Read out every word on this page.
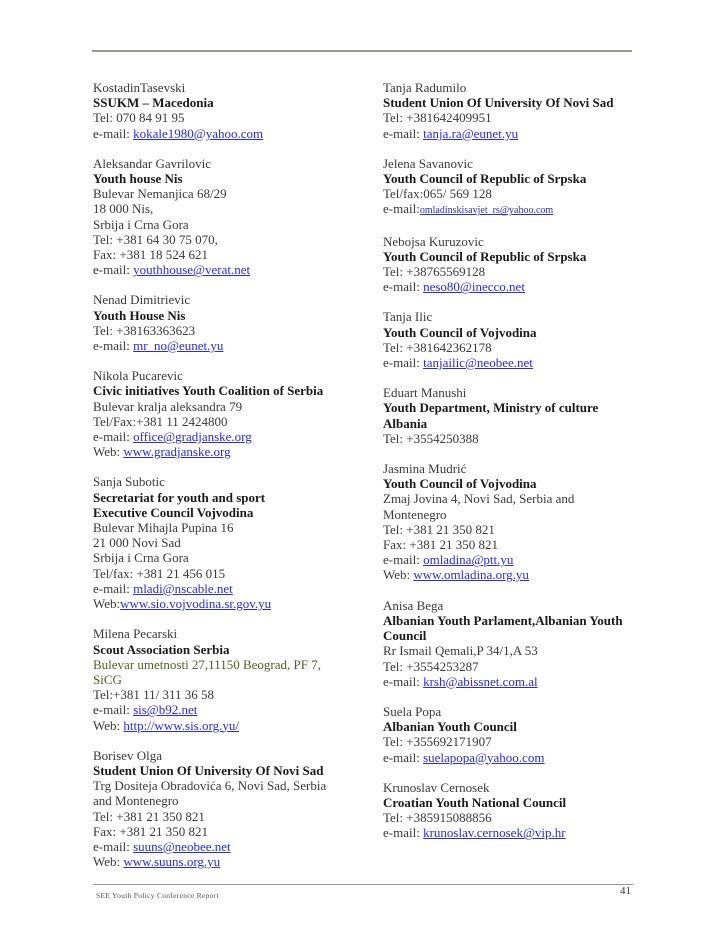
KostadinTasevski
SSUKM – Macedonia
Tel: 070 84 91 95
e-mail: kokale1980@yahoo.com
Aleksandar Gavrilovic
Youth house Nis
Bulevar Nemanjica 68/29
18 000 Nis,
Srbija i Crna Gora
Tel: +381 64 30 75 070,
Fax: +381 18 524 621
e-mail: youthhouse@verat.net
Nenad Dimitrievic
Youth House Nis
Tel: +38163363623
e-mail: mr_no@eunet.yu
Nikola Pucarevic
Civic initiatives Youth Coalition of Serbia
Bulevar kralja aleksandra 79
Tel/Fax:+381 11 2424800
e-mail: office@gradjanske.org
Web: www.gradjanske.org
Sanja Subotic
Secretariat for youth and sport
Executive Council Vojvodina
Bulevar Mihajla Pupina 16
21 000 Novi Sad
Srbija i Crna Gora
Tel/fax: +381 21 456 015
e-mail: mladi@nscable.net
Web:www.sio.vojvodina.sr.gov.yu
Milena Pecarski
Scout Association Serbia
Bulevar umetnosti 27,11150 Beograd, PF 7,
SiCG
Tel:+381 11/ 311 36 58
e-mail: sis@b92.net
Web: http://www.sis.org.yu/
Borisev Olga
Student Union Of University Of Novi Sad
Trg Dositeja Obradovića 6, Novi Sad, Serbia
and Montenegro
Tel: +381 21 350 821
Fax: +381 21 350 821
e-mail: suuns@neobee.net
Web: www.suuns.org.yu
Tanja Radumilo
Student Union Of University Of Novi Sad
Tel: +381642409951
e-mail: tanja.ra@eunet.yu
Jelena Savanovic
Youth Council of Republic of Srpska
Tel/fax:065/ 569 128
e-mail:omladinskisavjet_rs@yahoo.com
Nebojsa Kuruzovic
Youth Council of Republic of Srpska
Tel: +38765569128
e-mail: neso80@inecco.net
Tanja Ilic
Youth Council of Vojvodina
Tel: +381642362178
e-mail: tanjailic@neobee.net
Eduart Manushi
Youth Department, Ministry of culture
Albania
Tel: +3554250388
Jasmina Mudrić
Youth Council of Vojvodina
Zmaj Jovina 4, Novi Sad, Serbia and
Montenegro
Tel: +381 21 350 821
Fax: +381 21 350 821
e-mail: omladina@ptt.yu
Web: www.omladina.org.yu
Anisa Bega
Albanian Youth Parlament,Albanian Youth
Council
Rr Ismail Qemali,P 34/1,A 53
Tel: +3554253287
e-mail: krsh@abissnet.com.al
Suela Popa
Albanian Youth Council
Tel: +355692171907
e-mail: suelapopa@yahoo.com
Krunoslav Cernosek
Croatian Youth National Council
Tel: +385915088856
e-mail: krunoslav.cernosek@vip.hr
SEE Youth Policy Conference Report	41
